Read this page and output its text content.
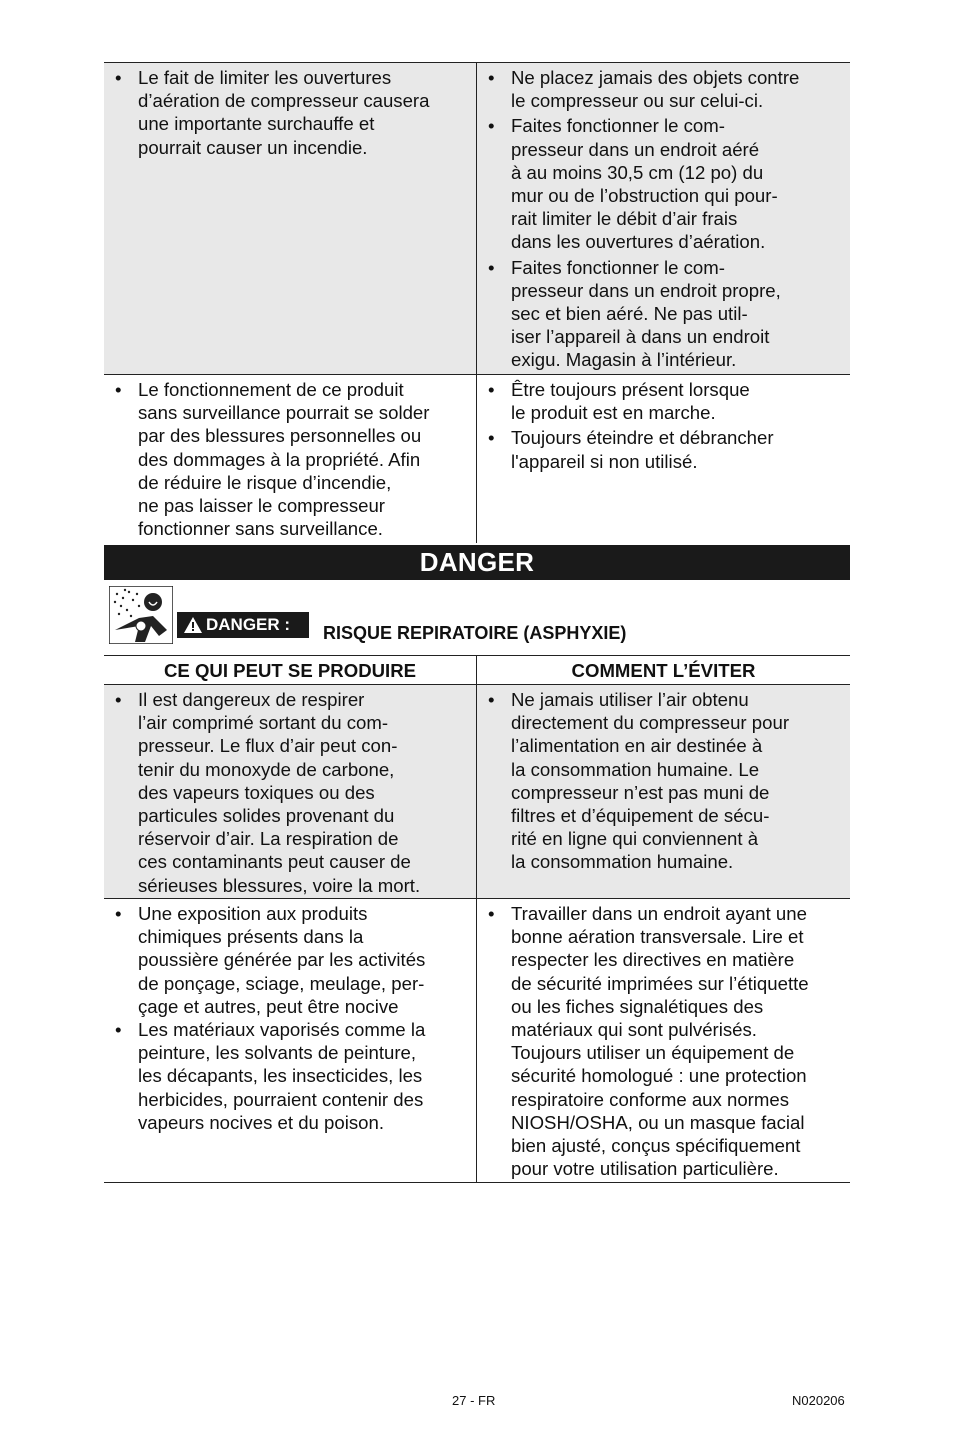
• Le fait de limiter les ouvertures
d’aération de compresseur causera
une importante surchauffe et
pourrait causer un incendie.
• Ne placez jamais des objets contre
le compresseur ou sur celui-ci.
• Faites fonctionner le com-
presseur dans un endroit aéré
à au moins 30,5 cm (12 po) du
mur ou de l’obstruction qui pour-
rait limiter le débit d’air frais
dans les ouvertures d’aération.
• Faites fonctionner le com-
presseur dans un endroit propre,
sec et bien aéré. Ne pas util-
iser l’appareil à dans un endroit
exigu. Magasin à l’intérieur.
• Le fonctionnement de ce produit
sans surveillance pourrait se solder
par des blessures personnelles ou
des dommages à la propriété. Afin
de réduire le risque d’incendie,
ne pas laisser le compresseur
fonctionner sans surveillance.
• Être toujours présent lorsque
le produit est en marche.
• Toujours éteindre et débrancher
l'appareil si non utilisé.
DANGER
DANGER : RISQUE REPIRATOIRE (ASPHYXIE)
CE QUI PEUT SE PRODUIRE	COMMENT L’ÉVITER
• Il est dangereux de respirer
l’air comprimé sortant du com-
presseur. Le flux d’air peut con-
tenir du monoxyde de carbone,
des vapeurs toxiques ou des
particules solides provenant du
réservoir d’air. La respiration de
ces contaminants peut causer de
sérieuses blessures, voire la mort.
• Ne jamais utiliser l’air obtenu
directement du compresseur pour
l’alimentation en air destinée à
la consommation humaine. Le
compresseur n’est pas muni de
filtres et d’équipement de sécu-
rité en ligne qui conviennent à
la consommation humaine.
• Une exposition aux produits
chimiques présents dans la
poussière générée par les activités
de ponçage, sciage, meulage, per-
çage et autres, peut être nocive
• Les matériaux vaporisés comme la
peinture, les solvants de peinture,
les décapants, les insecticides, les
herbicides, pourraient contenir des
vapeurs nocives et du poison.
• Travailler dans un endroit ayant une
bonne aération transversale. Lire et
respecter les directives en matière
de sécurité imprimées sur l’étiquette
ou les fiches signalétiques des
matériaux qui sont pulvérisés.
Toujours utiliser un équipement de
sécurité homologué : une protection
respiratoire conforme aux normes
NIOSH/OSHA, ou un masque facial
bien ajusté, conçus spécifiquement
pour votre utilisation particulière.
27 - FR	N020206
